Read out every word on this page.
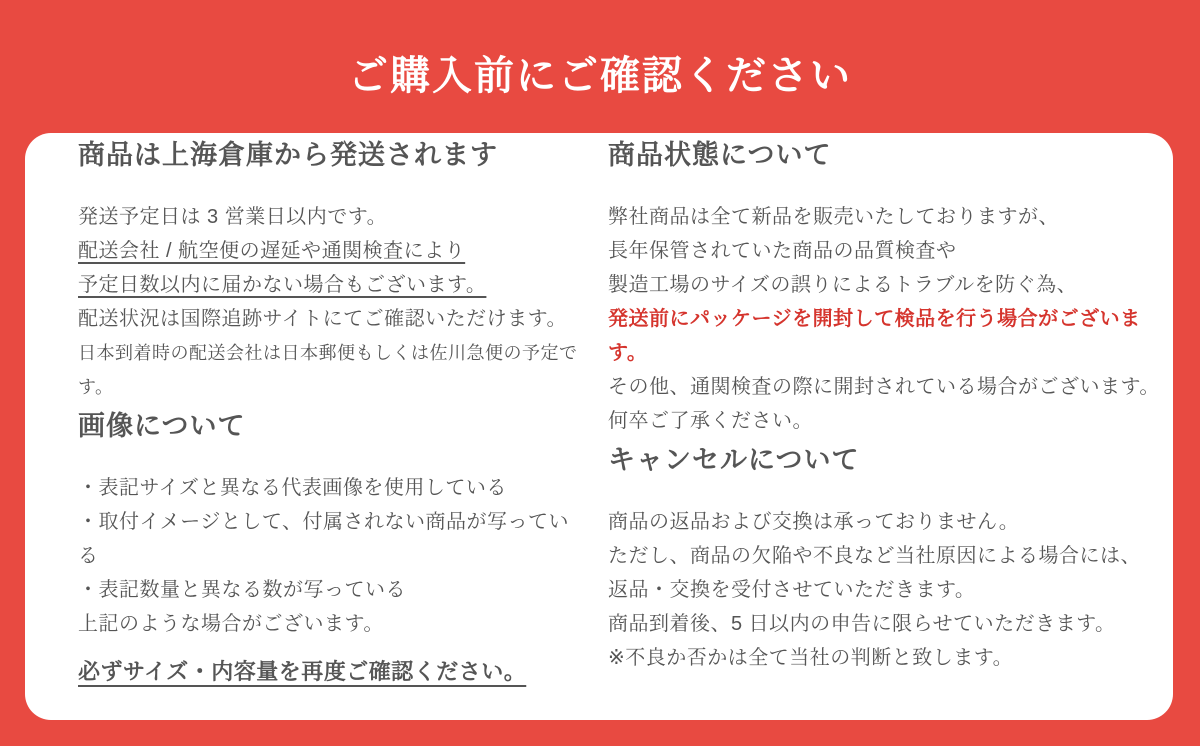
ご購入前にご確認ください
商品は上海倉庫から発送されます

発送予定日は 3 営業日以内です。
配送会社 / 航空便の遅延や通関検査により
予定日数以内に届かない場合もございます。
配送状況は国際追跡サイトにてご確認いただけます。
日本到着時の配送会社は日本郵便もしくは佐川急便の予定です。

画像について

・表記サイズと異なる代表画像を使用している
・取付イメージとして、付属されない商品が写っている
・表記数量と異なる数が写っている
上記のような場合がございます。

必ずサイズ・内容量を再度ご確認ください。
商品状態について

弊社商品は全て新品を販売いたしておりますが、
長年保管されていた商品の品質検査や
製造工場のサイズの誤りによるトラブルを防ぐ為、
発送前にパッケージを開封して検品を行う場合がございます。
その他、通関検査の際に開封されている場合がございます。
何卒ご了承ください。

キャンセルについて

商品の返品および交換は承っておりません。
ただし、商品の欠陥や不良など当社原因による場合には、
返品・交換を受付させていただきます。
商品到着後、5 日以内の申告に限らせていただきます。
※不良か否かは全て当社の判断と致します。
